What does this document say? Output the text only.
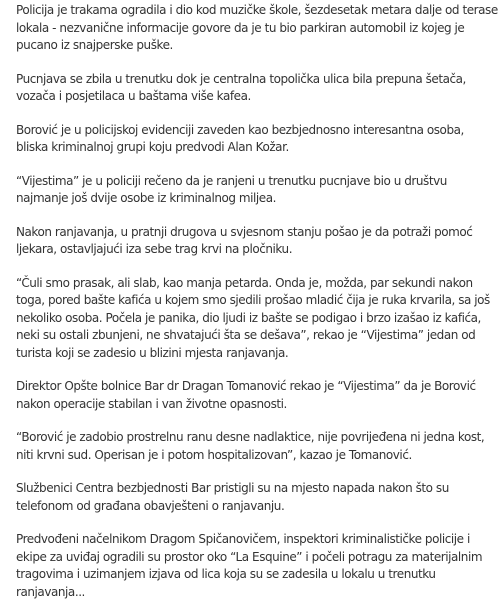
Policija je trakama ogradila i dio kod muzičke škole, šezdesetak metara dalje od terase lokala - nezvanične informacije govore da je tu bio parkiran automobil iz kojeg je pucano iz snajperske puške.

Pucnjava se zbila u trenutku dok je centralna topolička ulica bila prepuna šetača, vozača i posjetilaca u baštama više kafea.

Borović je u policijskoj evidenciji zaveden kao bezbjednosno interesantna osoba, bliska kriminalnoj grupi koju predvodi Alan Kožar.

“Vijestima” je u policiji rečeno da je ranjeni u trenutku pucnjave bio u društvu najmanje još dvije osobe iz kriminalnog miljea.

Nakon ranjavanja, u pratnji drugova u svjesnom stanju pošao je da potraži pomoć ljekara, ostavljajući iza sebe trag krvi na pločniku.

“Čuli smo prasak, ali slab, kao manja petarda. Onda je, možda, par sekundi nakon toga, pored bašte kafića u kojem smo sjedili prošao mladić čija je ruka krvarila, sa još nekoliko osoba. Počela je panika, dio ljudi iz bašte se podigao i brzo izašao iz kafića, neki su ostali zbunjeni, ne shvatajući šta se dešava”, rekao je “Vijestima” jedan od turista koji se zadesio u blizini mjesta ranjavanja.

Direktor Opšte bolnice Bar dr Dragan Tomanović rekao je “Vijestima” da je Borović nakon operacije stabilan i van životne opasnosti.

“Borović je zadobio prostrelnu ranu desne nadlaktice, nije povrijeđena ni jedna kost, niti krvni sud. Operisan je i potom hospitalizovan”, kazao je Tomanović.

Službenici Centra bezbjednosti Bar pristigli su na mjesto napada nakon što su telefonom od građana obavješteni o ranjavanju.

Predvođeni načelnikom Dragom Spičanovičem, inspektori kriminalističke policije i ekipe za uviđaj ogradili su prostor oko “La Esquine” i počeli potragu za materijalnim tragovima i uzimanjem izjava od lica koja su se zadesila u lokalu u trenutku ranjavanja...
